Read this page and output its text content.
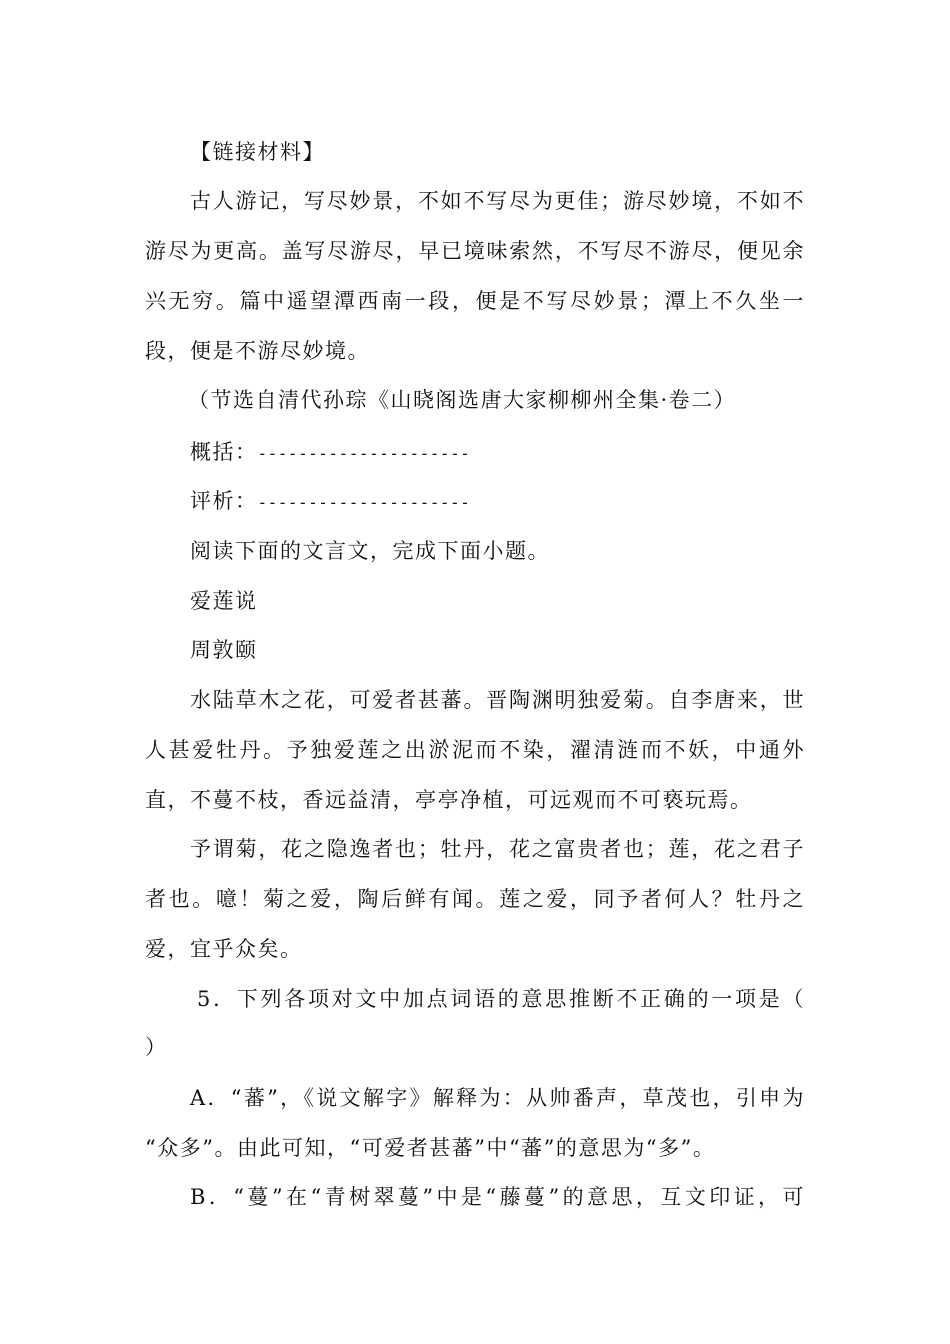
【链接材料】
古人游记，写尽妙景，不如不写尽为更佳；游尽妙境，不如不
游尽为更高。盖写尽游尽，早已境味索然，不写尽不游尽，便见余
兴无穷。篇中遥望潭西南一段，便是不写尽妙景；潭上不久坐一
段，便是不游尽妙境。
（节选自清代孙琮《山晓阁选唐大家柳柳州全集·卷二）
概括：---------------------
评析：---------------------
阅读下面的文言文，完成下面小题。
爱莲说
周敦颐
水陆草木之花，可爱者甚蕃。晋陶渊明独爱菊。自李唐来，世
人甚爱牡丹。予独爱莲之出淤泥而不染，濯清涟而不妖，中通外
直，不蔓不枝，香远益清，亭亭净植，可远观而不可亵玩焉。
予谓菊，花之隐逸者也；牡丹，花之富贵者也；莲，花之君子
者也。噫！菊之爱，陶后鲜有闻。莲之爱，同予者何人？牡丹之
爱，宜乎众矣。
5．下列各项对文中加点词语的意思推断不正确的一项是（
）
A．“蕃”，《说文解字》解释为：从帅番声，草茂也，引申为
“众多”。由此可知，“可爱者甚蕃”中“蕃”的意思为“多”。
B．“蔓”在“青树翠蔓”中是“藤蔓”的意思，互文印证，可
